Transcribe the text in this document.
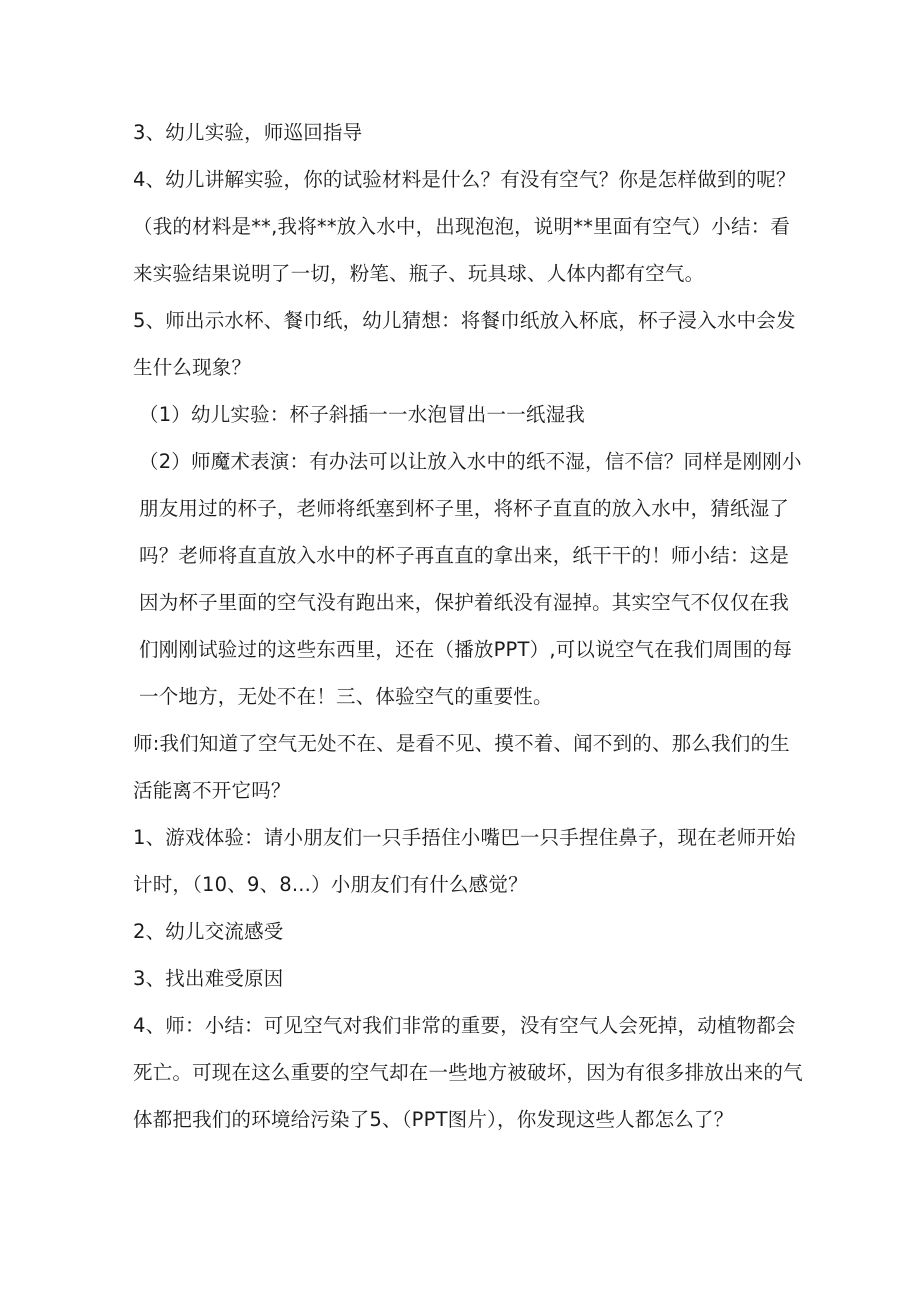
3、幼儿实验，师巡回指导

4、幼儿讲解实验，你的试验材料是什么？有没有空气？你是怎样做到的呢？（我的材料是**,我将**放入水中，出现泡泡，说明**里面有空气）小结：看来实验结果说明了一切，粉笔、瓶子、玩具球、人体内都有空气。

5、师出示水杯、餐巾纸，幼儿猜想：将餐巾纸放入杯底，杯子浸入水中会发生什么现象？

（1）幼儿实验：杯子斜插一一水泡冒出一一纸湿我

（2）师魔术表演：有办法可以让放入水中的纸不湿，信不信？同样是刚刚小朋友用过的杯子，老师将纸塞到杯子里，将杯子直直的放入水中，猜纸湿了吗？老师将直直放入水中的杯子再直直的拿出来，纸干干的！师小结：这是因为杯子里面的空气没有跑出来，保护着纸没有湿掉。其实空气不仅仅在我们刚刚试验过的这些东西里，还在（播放PPT）,可以说空气在我们周围的每一个地方，无处不在！三、体验空气的重要性。

师:我们知道了空气无处不在、是看不见、摸不着、闻不到的、那么我们的生活能离不开它吗？

1、游戏体验：请小朋友们一只手捂住小嘴巴一只手捏住鼻子，现在老师开始计时，（10、9、8...）小朋友们有什么感觉？

2、幼儿交流感受

3、找出难受原因

4、师：小结：可见空气对我们非常的重要，没有空气人会死掉，动植物都会死亡。可现在这么重要的空气却在一些地方被破坏，因为有很多排放出来的气体都把我们的环境给污染了5、（PPT图片），你发现这些人都怎么了？
